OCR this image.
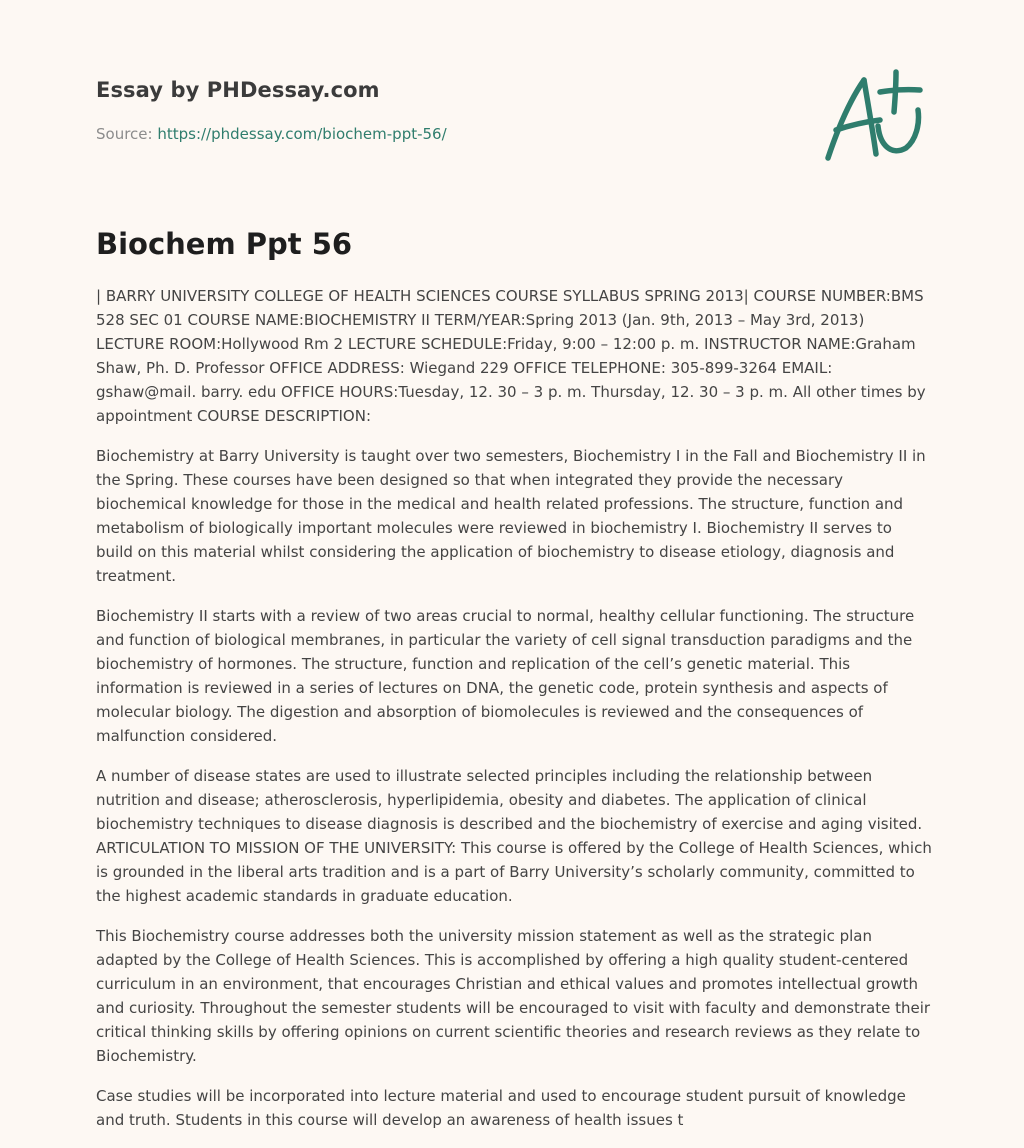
Essay by PHDessay.com

Source: https://phdessay.com/biochem-ppt-56/

Biochem Ppt 56

| BARRY UNIVERSITY COLLEGE OF HEALTH SCIENCES COURSE SYLLABUS SPRING 2013| COURSE NUMBER:BMS 528 SEC 01 COURSE NAME:BIOCHEMISTRY II TERM/YEAR:Spring 2013 (Jan. 9th, 2013 – May 3rd, 2013) LECTURE ROOM:Hollywood Rm 2 LECTURE SCHEDULE:Friday, 9:00 – 12:00 p. m. INSTRUCTOR NAME:Graham Shaw, Ph. D. Professor OFFICE ADDRESS: Wiegand 229 OFFICE TELEPHONE: 305-899-3264 EMAIL: gshaw@mail. barry. edu OFFICE HOURS:Tuesday, 12. 30 – 3 p. m. Thursday, 12. 30 – 3 p. m. All other times by appointment COURSE DESCRIPTION:

Biochemistry at Barry University is taught over two semesters, Biochemistry I in the Fall and Biochemistry II in the Spring. These courses have been designed so that when integrated they provide the necessary biochemical knowledge for those in the medical and health related professions. The structure, function and metabolism of biologically important molecules were reviewed in biochemistry I. Biochemistry II serves to build on this material whilst considering the application of biochemistry to disease etiology, diagnosis and treatment.

Biochemistry II starts with a review of two areas crucial to normal, healthy cellular functioning. The structure and function of biological membranes, in particular the variety of cell signal transduction paradigms and the biochemistry of hormones. The structure, function and replication of the cell’s genetic material. This information is reviewed in a series of lectures on DNA, the genetic code, protein synthesis and aspects of molecular biology. The digestion and absorption of biomolecules is reviewed and the consequences of malfunction considered.

A number of disease states are used to illustrate selected principles including the relationship between nutrition and disease; atherosclerosis, hyperlipidemia, obesity and diabetes. The application of clinical biochemistry techniques to disease diagnosis is described and the biochemistry of exercise and aging visited. ARTICULATION TO MISSION OF THE UNIVERSITY: This course is offered by the College of Health Sciences, which is grounded in the liberal arts tradition and is a part of Barry University’s scholarly community, committed to the highest academic standards in graduate education.

This Biochemistry course addresses both the university mission statement as well as the strategic plan adapted by the College of Health Sciences. This is accomplished by offering a high quality student-centered curriculum in an environment, that encourages Christian and ethical values and promotes intellectual growth and curiosity. Throughout the semester students will be encouraged to visit with faculty and demonstrate their critical thinking skills by offering opinions on current scientific theories and research reviews as they relate to Biochemistry.

Case studies will be incorporated into lecture material and used to encourage student pursuit of knowledge and truth. Students in this course will develop an awareness of health issues t
